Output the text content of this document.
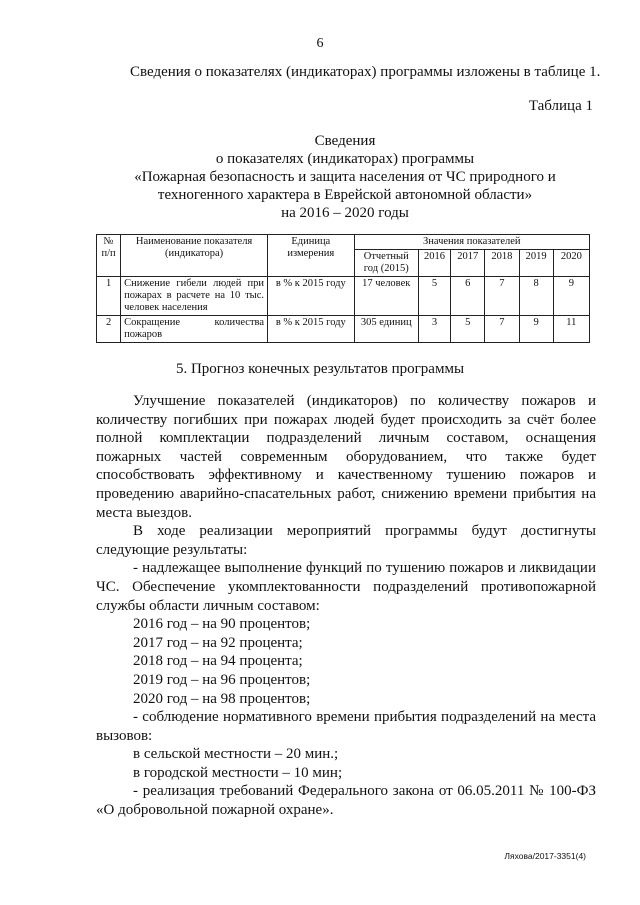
6
Сведения о показателях (индикаторах) программы изложены в таблице 1.
Таблица 1
Сведения
о показателях (индикаторах) программы
«Пожарная безопасность и защита населения от ЧС природного и
техногенного характера в Еврейской автономной области»
на 2016 – 2020 годы
№ п/п	Наименование показателя (индикатора)	Единица измерения	Значения показателей					
			Отчетный год (2015)	2016	2017	2018	2019	2020
1	Снижение гибели людей при пожарах в расчете на 10 тыс. человек населения	в % к 2015 году	17 человек	5	6	7	8	9
2	Сокращение количества пожаров	в % к 2015 году	305 единиц	3	5	7	9	11
5. Прогноз конечных результатов программы

Улучшение показателей (индикаторов) по количеству пожаров и количеству погибших при пожарах людей будет происходить за счёт более полной комплектации подразделений личным составом, оснащения пожарных частей современным оборудованием, что также будет способствовать эффективному и качественному тушению пожаров и проведению аварийно-спасательных работ, снижению времени прибытия на места выездов.

В ходе реализации мероприятий программы будут достигнуты следующие результаты:

- надлежащее выполнение функций по тушению пожаров и ликвидации ЧС. Обеспечение укомплектованности подразделений противопожарной службы области личным составом:

2016 год – на 90 процентов;

2017 год – на 92 процента;

2018 год – на 94 процента;

2019 год – на 96 процентов;

2020 год – на 98 процентов;

- соблюдение нормативного времени прибытия подразделений на места вызовов:

в сельской местности – 20 мин.;

в городской местности – 10 мин;

- реализация требований Федерального закона от 06.05.2011 № 100-ФЗ «О добровольной пожарной охране».

Ляхова/2017-3351(4)
